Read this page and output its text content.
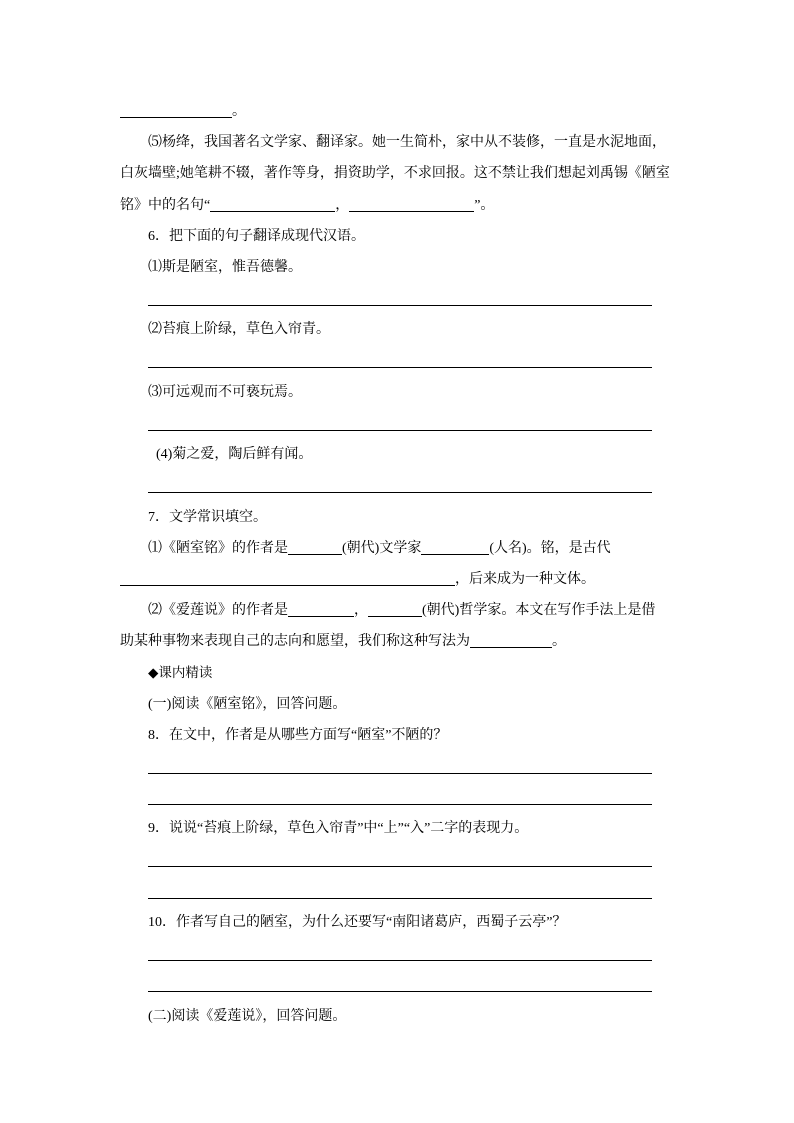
。
⑸杨绛，我国著名文学家、翻译家。她一生简朴，家中从不装修，一直是水泥地面，
白灰墙壁;她笔耕不辍，著作等身，捐资助学，不求回报。这不禁让我们想起刘禹锡《陋室
铭》中的名句“	，	”。
6．把下面的句子翻译成现代汉语。
⑴斯是陋室，惟吾德馨。
⑵苔痕上阶绿，草色入帘青。
⑶可远观而不可亵玩焉。
(4)菊之爱，陶后鲜有闻。
7．文学常识填空。
⑴《陋室铭》的作者是	(朝代)文学家	(人名)。铭，是古代
，后来成为一种文体。
⑵《爱莲说》的作者是	，	(朝代)哲学家。本文在写作手法上是借
助某种事物来表现自己的志向和愿望，我们称这种写法为	。
◆课内精读
(一)阅读《陋室铭》，回答问题。
8．在文中，作者是从哪些方面写“陋室”不陋的？
9．说说“苔痕上阶绿，草色入帘青”中“上”“入”二字的表现力。
10．作者写自己的陋室，为什么还要写“南阳诸葛庐，西蜀子云亭”？
(二)阅读《爱莲说》，回答问题。
